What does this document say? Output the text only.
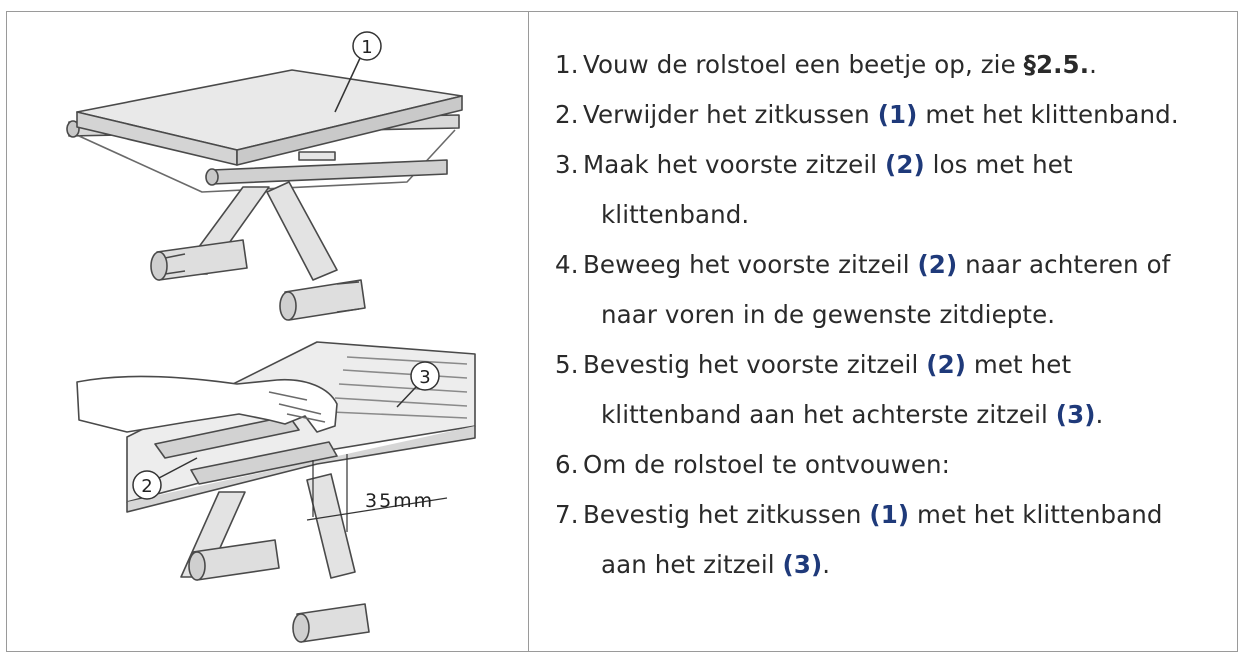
1
2
3
35mm
1. Vouw de rolstoel een beetje op, zie §2.5..
2. Verwijder het zitkussen (1) met het klittenband.
3. Maak het voorste zitzeil (2) los met het
klittenband.
4. Beweeg het voorste zitzeil (2) naar achteren of
naar voren in de gewenste zitdiepte.
5. Bevestig het voorste zitzeil (2) met het
klittenband aan het achterste zitzeil (3).
6. Om de rolstoel te ontvouwen:
7. Bevestig het zitkussen (1) met het klittenband
aan het zitzeil (3).
